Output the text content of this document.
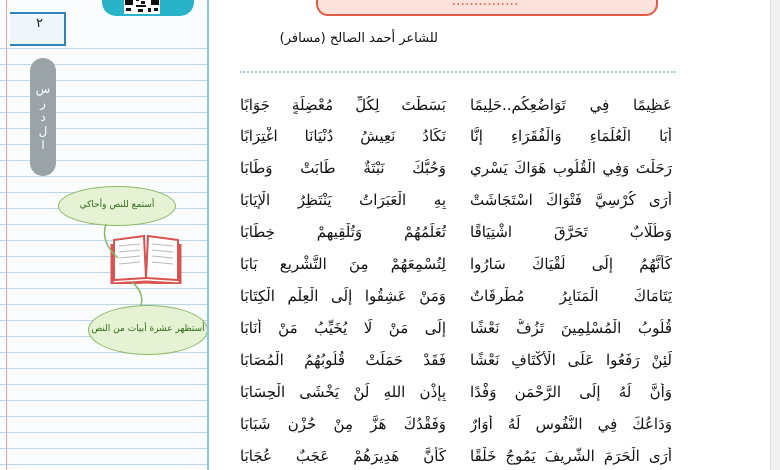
٢
الدرس
أستمع للنص وأحاكي
أستظهر عشرة أبيات من النص
...............
للشاعر أحمد الصالح (مسافر)
عَظِيمًا فِي تَوَاضُعِكُم..حَلِيمًا
بَسَطْتَ لِكُلِّ مُعْضِلَةٍ جَوَابًا
أَبَا الْعُلَمَاءِ وَالْفُقَرَاءِ إِنَّا
نَكَادُ نَعِيشُ دُنْيَانَا اغْتِرَابًا
رَحَلْتَ وَفِي الْقُلُوبِ هَوَاكَ يَسْرِي
وَحُبُّكَ نَبْتَةٌ طَابَتْ وَطَابَا
أَرَى كُرْسِيَّ فَتْوَاكَ اسْتَجَاشَتْ
بِهِ الْعَبَرَاتُ يَنْتَظِرُ الْإِيَابَا
وَطُلَّابٌ تَحَرَّقَ اشْتِيَاقًا
تُعَلِّمُهُمْ وَتُلْقِيهِمْ خِطَابَا
كَأَنَّهُمُ إِلَى لُقْيَاكَ سَارُوا
لِتُسْمِعَهُمْ مِنَ التَّشْرِيعِ بَابَا
يَتَامَاكَ الْمَنَابِرُ مُطْرِقَاتٌ
وَمَنْ عَشِقُوا إِلَى الْعِلْمِ الْكِتَابَا
قُلُوبُ الْمُسْلِمِينَ تَزُفُّ نَعْشًا
إِلَى مَنْ لَا يُخَيِّبُ مَنْ أَنَابَا
لَئِنْ رَفَعُوا عَلَى الْأَكْتَافِ نَعْشًا
فَقَدْ حَمَلَتْ قُلُوبُهُمُ الْمُصَابَا
وَأَنَّ لَهُ إِلَى الرَّحْمَنِ وَفْدًا
بِإِذْنِ اللهِ لَنْ يَخْشَى الْحِسَابَا
وَدَاعُكَ فِي النُّفُوسِ لَهُ أُوَارٌ
وَفَقْدُكَ هَزَّ مِنْ حُزْنٍ شَبَابَا
أَرَى الْحَرَمَ الشَّرِيفَ يَمُوجُ خَلْقًا
كَأَنَّ هَدِيرَهُمْ عَجَبٌ عُجَابَا
